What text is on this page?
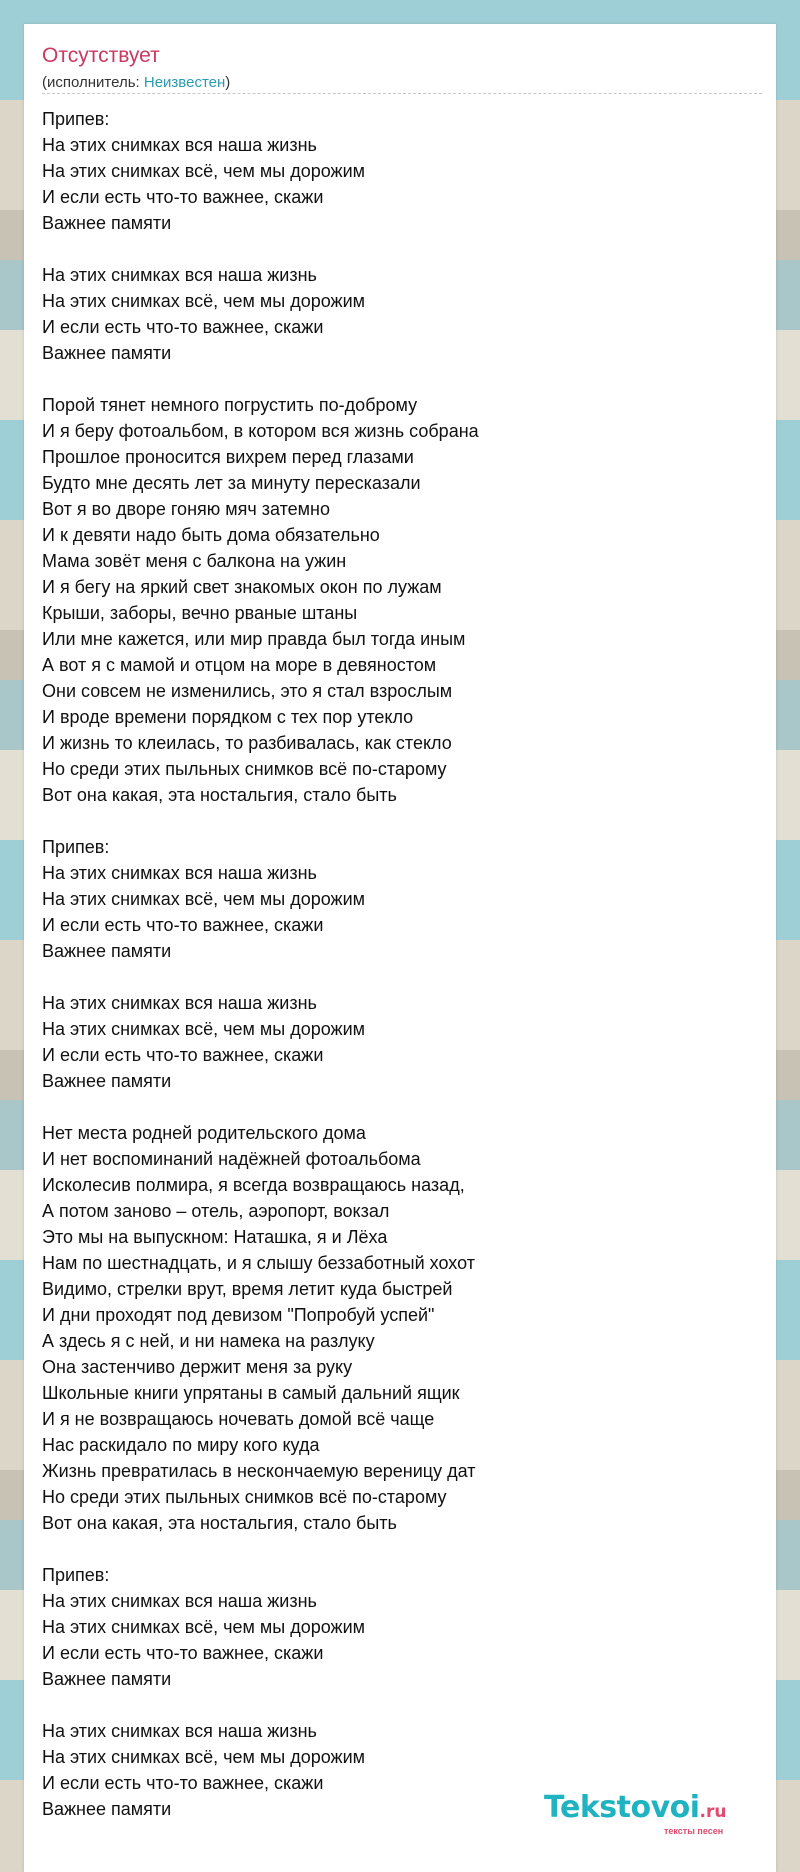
Отсутствует
(исполнитель: Неизвестен)
Припев:
На этих снимках вся наша жизнь
На этих снимках всё, чем мы дорожим
И если есть что-то важнее, скажи
Важнее памяти
На этих снимках вся наша жизнь
На этих снимках всё, чем мы дорожим
И если есть что-то важнее, скажи
Важнее памяти
Порой тянет немного погрустить по-доброму
И я беру фотоальбом, в котором вся жизнь собрана
Прошлое проносится вихрем перед глазами
Будто мне десять лет за минуту пересказали
Вот я во дворе гоняю мяч затемно
И к девяти надо быть дома обязательно
Мама зовёт меня с балкона на ужин
И я бегу на яркий свет знакомых окон по лужам
Крыши, заборы, вечно рваные штаны
Или мне кажется, или мир правда был тогда иным
А вот я с мамой и отцом на море в девяностом
Они совсем не изменились, это я стал взрослым
И вроде времени порядком с тех пор утекло
И жизнь то клеилась, то разбивалась, как стекло
Но среди этих пыльных снимков всё по-старому
Вот она какая, эта ностальгия, стало быть
Припев:
На этих снимках вся наша жизнь
На этих снимках всё, чем мы дорожим
И если есть что-то важнее, скажи
Важнее памяти
На этих снимках вся наша жизнь
На этих снимках всё, чем мы дорожим
И если есть что-то важнее, скажи
Важнее памяти
Нет места родней родительского дома
И нет воспоминаний надёжней фотоальбома
Исколесив полмира, я всегда возвращаюсь назад,
А потом заново – отель, аэропорт, вокзал
Это мы на выпускном: Наташка, я и Лёха
Нам по шестнадцать, и я слышу беззаботный хохот
Видимо, стрелки врут, время летит куда быстрей
И дни проходят под девизом "Попробуй успей"
А здесь я с ней, и ни намека на разлуку
Она застенчиво держит меня за руку
Школьные книги упрятаны в самый дальний ящик
И я не возвращаюсь ночевать домой всё чаще
Нас раскидало по миру кого куда
Жизнь превратилась в нескончаемую вереницу дат
Но среди этих пыльных снимков всё по-старому
Вот она какая, эта ностальгия, стало быть
Припев:
На этих снимках вся наша жизнь
На этих снимках всё, чем мы дорожим
И если есть что-то важнее, скажи
Важнее памяти
На этих снимках вся наша жизнь
На этих снимках всё, чем мы дорожим
И если есть что-то важнее, скажи
Важнее памяти	Tekstovoi.ru
тексты песен
